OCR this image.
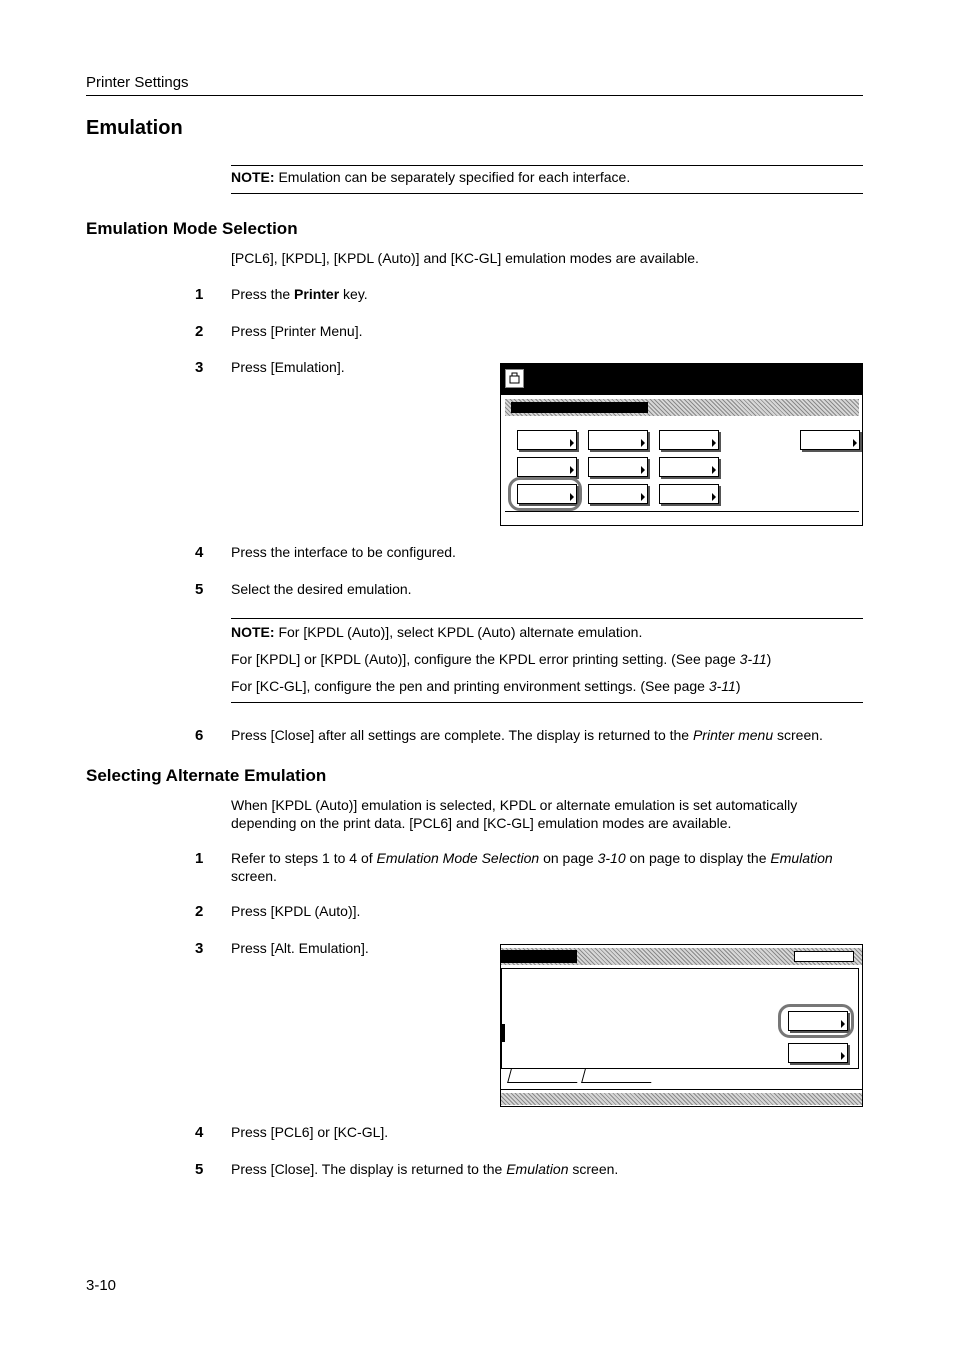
Printer Settings
Emulation
NOTE: Emulation can be separately specified for each interface.
Emulation Mode Selection
[PCL6], [KPDL], [KPDL (Auto)] and [KC-GL] emulation modes are available.
1 Press the Printer key.
2 Press [Printer Menu].
3 Press [Emulation].
4 Press the interface to be configured.
5 Select the desired emulation.
NOTE: For [KPDL (Auto)], select KPDL (Auto) alternate emulation.
For [KPDL] or [KPDL (Auto)], configure the KPDL error printing setting. (See page 3-11)
For [KC-GL], configure the pen and printing environment settings. (See page 3-11)
6 Press [Close] after all settings are complete. The display is returned to the Printer menu screen.
Selecting Alternate Emulation
When [KPDL (Auto)] emulation is selected, KPDL or alternate emulation is set automatically
depending on the print data. [PCL6] and [KC-GL] emulation modes are available.
1 Refer to steps 1 to 4 of Emulation Mode Selection on page 3-10 on page to display the Emulation screen.
2 Press [KPDL (Auto)].
3 Press [Alt. Emulation].
4 Press [PCL6] or [KC-GL].
5 Press [Close]. The display is returned to the Emulation screen.
3-10
